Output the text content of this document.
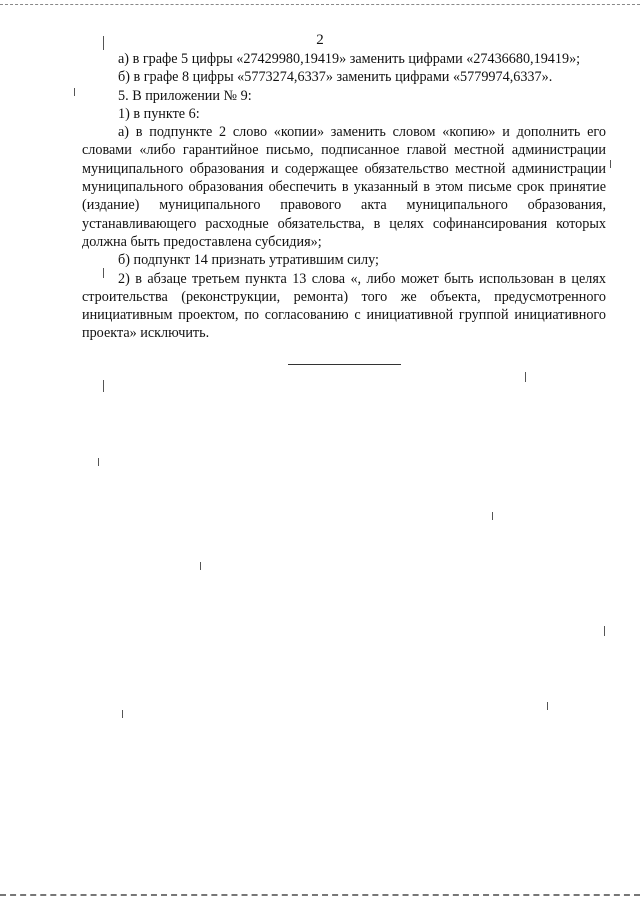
2

а) в графе 5 цифры «27429980,19419» заменить цифрами «27436680,19419»;

б) в графе 8 цифры «5773274,6337» заменить цифрами «5779974,6337».

5. В приложении № 9:

1) в пункте 6:

а) в подпункте 2 слово «копии» заменить словом «копию» и дополнить его словами «либо гарантийное письмо, подписанное главой местной администрации муниципального образования и содержащее обязательство местной администрации муниципального образования обеспечить в указанный в этом письме срок принятие (издание) муниципального правового акта муниципального образования, устанавливающего расходные обязательства, в целях софинансирования которых должна быть предоставлена субсидия»;

б) подпункт 14 признать утратившим силу;

2) в абзаце третьем пункта 13 слова «, либо может быть использован в целях строительства (реконструкции, ремонта) того же объекта, предусмотренного инициативным проектом, по согласованию с инициативной группой инициативного проекта» исключить.
